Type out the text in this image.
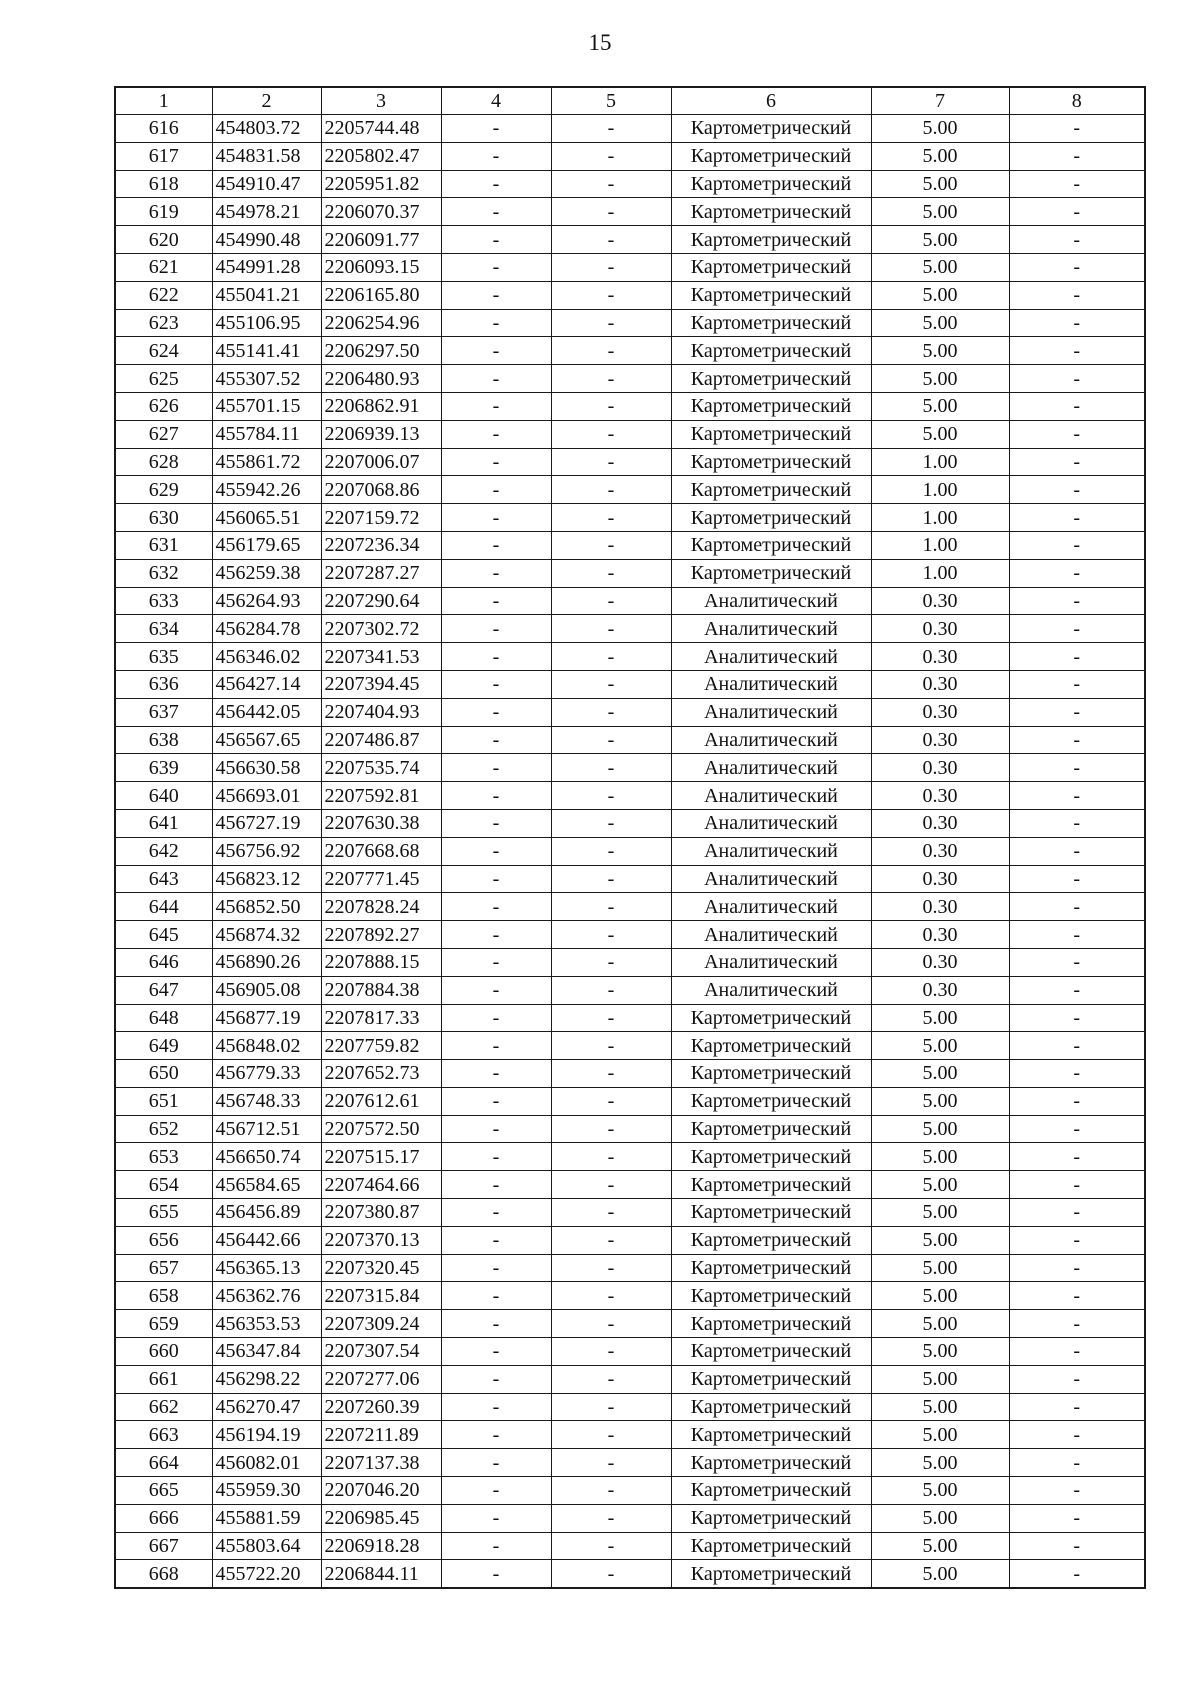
15
1	2	3	4	5	6	7	8
616	454803.72	2205744.48	-	-	Картометрический	5.00	-
617	454831.58	2205802.47	-	-	Картометрический	5.00	-
618	454910.47	2205951.82	-	-	Картометрический	5.00	-
619	454978.21	2206070.37	-	-	Картометрический	5.00	-
620	454990.48	2206091.77	-	-	Картометрический	5.00	-
621	454991.28	2206093.15	-	-	Картометрический	5.00	-
622	455041.21	2206165.80	-	-	Картометрический	5.00	-
623	455106.95	2206254.96	-	-	Картометрический	5.00	-
624	455141.41	2206297.50	-	-	Картометрический	5.00	-
625	455307.52	2206480.93	-	-	Картометрический	5.00	-
626	455701.15	2206862.91	-	-	Картометрический	5.00	-
627	455784.11	2206939.13	-	-	Картометрический	5.00	-
628	455861.72	2207006.07	-	-	Картометрический	1.00	-
629	455942.26	2207068.86	-	-	Картометрический	1.00	-
630	456065.51	2207159.72	-	-	Картометрический	1.00	-
631	456179.65	2207236.34	-	-	Картометрический	1.00	-
632	456259.38	2207287.27	-	-	Картометрический	1.00	-
633	456264.93	2207290.64	-	-	Аналитический	0.30	-
634	456284.78	2207302.72	-	-	Аналитический	0.30	-
635	456346.02	2207341.53	-	-	Аналитический	0.30	-
636	456427.14	2207394.45	-	-	Аналитический	0.30	-
637	456442.05	2207404.93	-	-	Аналитический	0.30	-
638	456567.65	2207486.87	-	-	Аналитический	0.30	-
639	456630.58	2207535.74	-	-	Аналитический	0.30	-
640	456693.01	2207592.81	-	-	Аналитический	0.30	-
641	456727.19	2207630.38	-	-	Аналитический	0.30	-
642	456756.92	2207668.68	-	-	Аналитический	0.30	-
643	456823.12	2207771.45	-	-	Аналитический	0.30	-
644	456852.50	2207828.24	-	-	Аналитический	0.30	-
645	456874.32	2207892.27	-	-	Аналитический	0.30	-
646	456890.26	2207888.15	-	-	Аналитический	0.30	-
647	456905.08	2207884.38	-	-	Аналитический	0.30	-
648	456877.19	2207817.33	-	-	Картометрический	5.00	-
649	456848.02	2207759.82	-	-	Картометрический	5.00	-
650	456779.33	2207652.73	-	-	Картометрический	5.00	-
651	456748.33	2207612.61	-	-	Картометрический	5.00	-
652	456712.51	2207572.50	-	-	Картометрический	5.00	-
653	456650.74	2207515.17	-	-	Картометрический	5.00	-
654	456584.65	2207464.66	-	-	Картометрический	5.00	-
655	456456.89	2207380.87	-	-	Картометрический	5.00	-
656	456442.66	2207370.13	-	-	Картометрический	5.00	-
657	456365.13	2207320.45	-	-	Картометрический	5.00	-
658	456362.76	2207315.84	-	-	Картометрический	5.00	-
659	456353.53	2207309.24	-	-	Картометрический	5.00	-
660	456347.84	2207307.54	-	-	Картометрический	5.00	-
661	456298.22	2207277.06	-	-	Картометрический	5.00	-
662	456270.47	2207260.39	-	-	Картометрический	5.00	-
663	456194.19	2207211.89	-	-	Картометрический	5.00	-
664	456082.01	2207137.38	-	-	Картометрический	5.00	-
665	455959.30	2207046.20	-	-	Картометрический	5.00	-
666	455881.59	2206985.45	-	-	Картометрический	5.00	-
667	455803.64	2206918.28	-	-	Картометрический	5.00	-
668	455722.20	2206844.11	-	-	Картометрический	5.00	-
